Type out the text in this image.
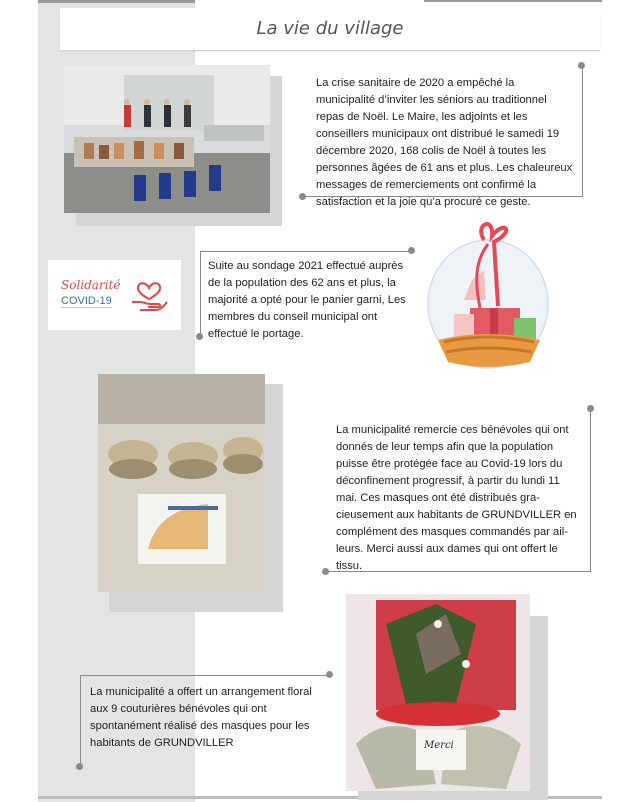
La vie du village
La crise sanitaire de 2020 a empêché la municipalité d’inviter les séniors au traditionnel repas de Noël. Le Maire, les adjoints et les conseillers municipaux ont distribué le samedi 19 décembre 2020, 168 colis de Noël à toutes les personnes âgées de 61 ans et plus. Les chaleureux messages de remerciements ont confirmé la satisfaction et la joie qu’a procuré ce geste.
Solidarité
COVID-19
Suite au sondage 2021 effectué auprès de la population des 62 ans et plus, la majorité a opté pour le panier garni, Les membres du conseil municipal ont effectué le portage.
La municipalité remercie ces bénévoles qui ont donnés de leur temps afin que la population puisse être protégée face au Covid-19 lors du déconfinement progressif, à partir du lundi 11 mai. Ces masques ont été distribués gracieusement aux habitants de GRUNDVILLER en complément des masques commandés par ailleurs. Merci aussi aux dames qui ont offert le tissu.
Merci
La municipalité a offert un arrangement floral aux 9 couturières bénévoles qui ont spontanément réalisé des masques pour les habitants de GRUNDVILLER
